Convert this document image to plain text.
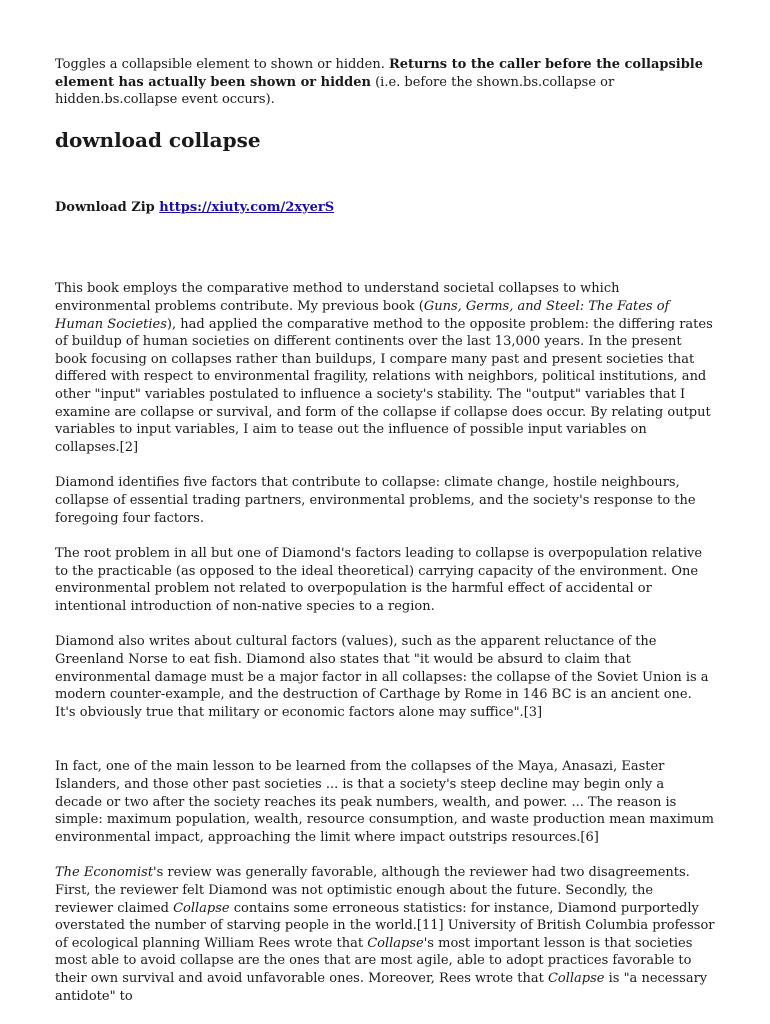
Toggles a collapsible element to shown or hidden. Returns to the caller before the collapsible element has actually been shown or hidden (i.e. before the shown.bs.collapse or hidden.bs.collapse event occurs).

download collapse

Download Zip https://xiuty.com/2xyerS

This book employs the comparative method to understand societal collapses to which environmental problems contribute. My previous book (Guns, Germs, and Steel: The Fates of Human Societies), had applied the comparative method to the opposite problem: the differing rates of buildup of human societies on different continents over the last 13,000 years. In the present book focusing on collapses rather than buildups, I compare many past and present societies that differed with respect to environmental fragility, relations with neighbors, political institutions, and other "input" variables postulated to influence a society's stability. The "output" variables that I examine are collapse or survival, and form of the collapse if collapse does occur. By relating output variables to input variables, I aim to tease out the influence of possible input variables on collapses.[2]

Diamond identifies five factors that contribute to collapse: climate change, hostile neighbours, collapse of essential trading partners, environmental problems, and the society's response to the foregoing four factors.

The root problem in all but one of Diamond's factors leading to collapse is overpopulation relative to the practicable (as opposed to the ideal theoretical) carrying capacity of the environment. One environmental problem not related to overpopulation is the harmful effect of accidental or intentional introduction of non-native species to a region.

Diamond also writes about cultural factors (values), such as the apparent reluctance of the Greenland Norse to eat fish. Diamond also states that "it would be absurd to claim that environmental damage must be a major factor in all collapses: the collapse of the Soviet Union is a modern counter-example, and the destruction of Carthage by Rome in 146 BC is an ancient one. It's obviously true that military or economic factors alone may suffice".[3]

In fact, one of the main lesson to be learned from the collapses of the Maya, Anasazi, Easter Islanders, and those other past societies ... is that a society's steep decline may begin only a decade or two after the society reaches its peak numbers, wealth, and power. ... The reason is simple: maximum population, wealth, resource consumption, and waste production mean maximum environmental impact, approaching the limit where impact outstrips resources.[6]

The Economist's review was generally favorable, although the reviewer had two disagreements. First, the reviewer felt Diamond was not optimistic enough about the future. Secondly, the reviewer claimed Collapse contains some erroneous statistics: for instance, Diamond purportedly overstated the number of starving people in the world.[11] University of British Columbia professor of ecological planning William Rees wrote that Collapse's most important lesson is that societies most able to avoid collapse are the ones that are most agile, able to adopt practices favorable to their own survival and avoid unfavorable ones. Moreover, Rees wrote that Collapse is "a necessary antidote" to
